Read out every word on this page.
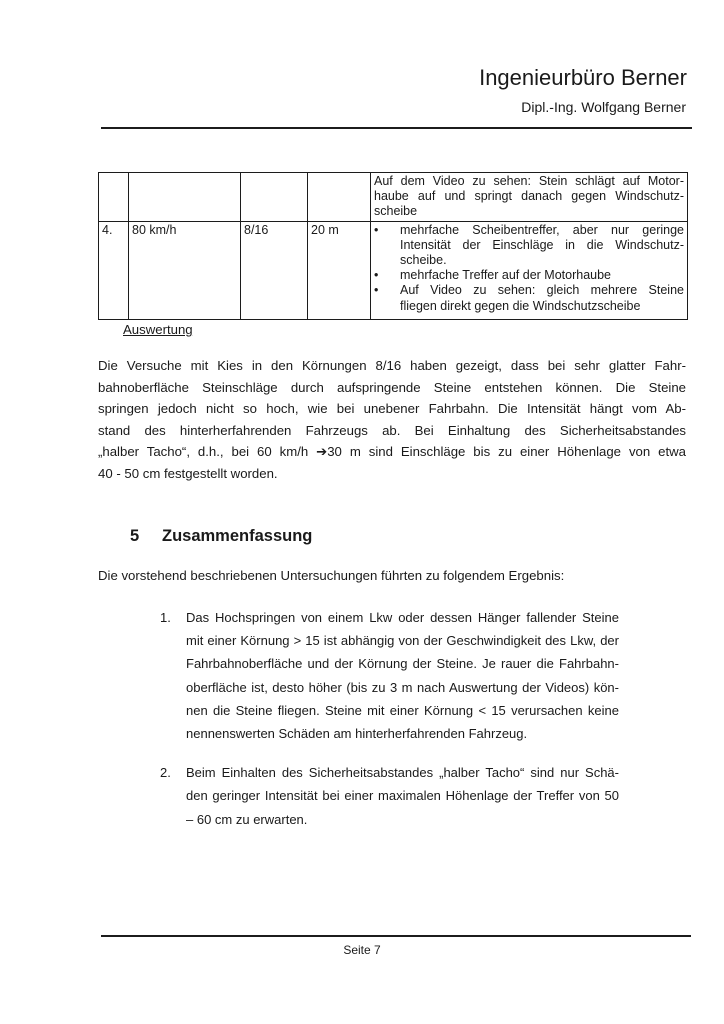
Ingenieurbüro Berner
Dipl.-Ing. Wolfgang Berner

				Auf dem Video zu sehen: Stein schlägt auf Motor-
haube auf und springt danach gegen Windschutz-
scheibe

4.	80 km/h	8/16	20 m	•	mehrfache Scheibentreffer, aber nur geringe
Intensität der Einschläge in die Windschutz-
scheibe.
•	mehrfache Treffer auf der Motorhaube
•	Auf Video zu sehen: gleich mehrere Steine
fliegen direkt gegen die Windschutzscheibe
Auswertung
Die Versuche mit Kies in den Körnungen 8/16 haben gezeigt, dass bei sehr glatter Fahr-
bahnoberfläche Steinschläge durch aufspringende Steine entstehen können. Die Steine
springen jedoch nicht so hoch, wie bei unebener Fahrbahn. Die Intensität hängt vom Ab-
stand des hinterherfahrenden Fahrzeugs ab. Bei Einhaltung des Sicherheitsabstandes
„halber Tacho“, d.h., bei 60 km/h ➔30 m sind Einschläge bis zu einer Höhenlage von etwa
40 - 50 cm festgestellt worden.
5 Zusammenfassung
Die vorstehend beschriebenen Untersuchungen führten zu folgendem Ergebnis:
1.	Das Hochspringen von einem Lkw oder dessen Hänger fallender Steine
mit einer Körnung > 15 ist abhängig von der Geschwindigkeit des Lkw, der
Fahrbahnoberfläche und der Körnung der Steine. Je rauer die Fahrbahn-
oberfläche ist, desto höher (bis zu 3 m nach Auswertung der Videos) kön-
nen die Steine fliegen. Steine mit einer Körnung < 15 verursachen keine
nennenswerten Schäden am hinterherfahrenden Fahrzeug.
2.	Beim Einhalten des Sicherheitsabstandes „halber Tacho“ sind nur Schä-
den geringer Intensität bei einer maximalen Höhenlage der Treffer von 50
– 60 cm zu erwarten.
Seite 7
